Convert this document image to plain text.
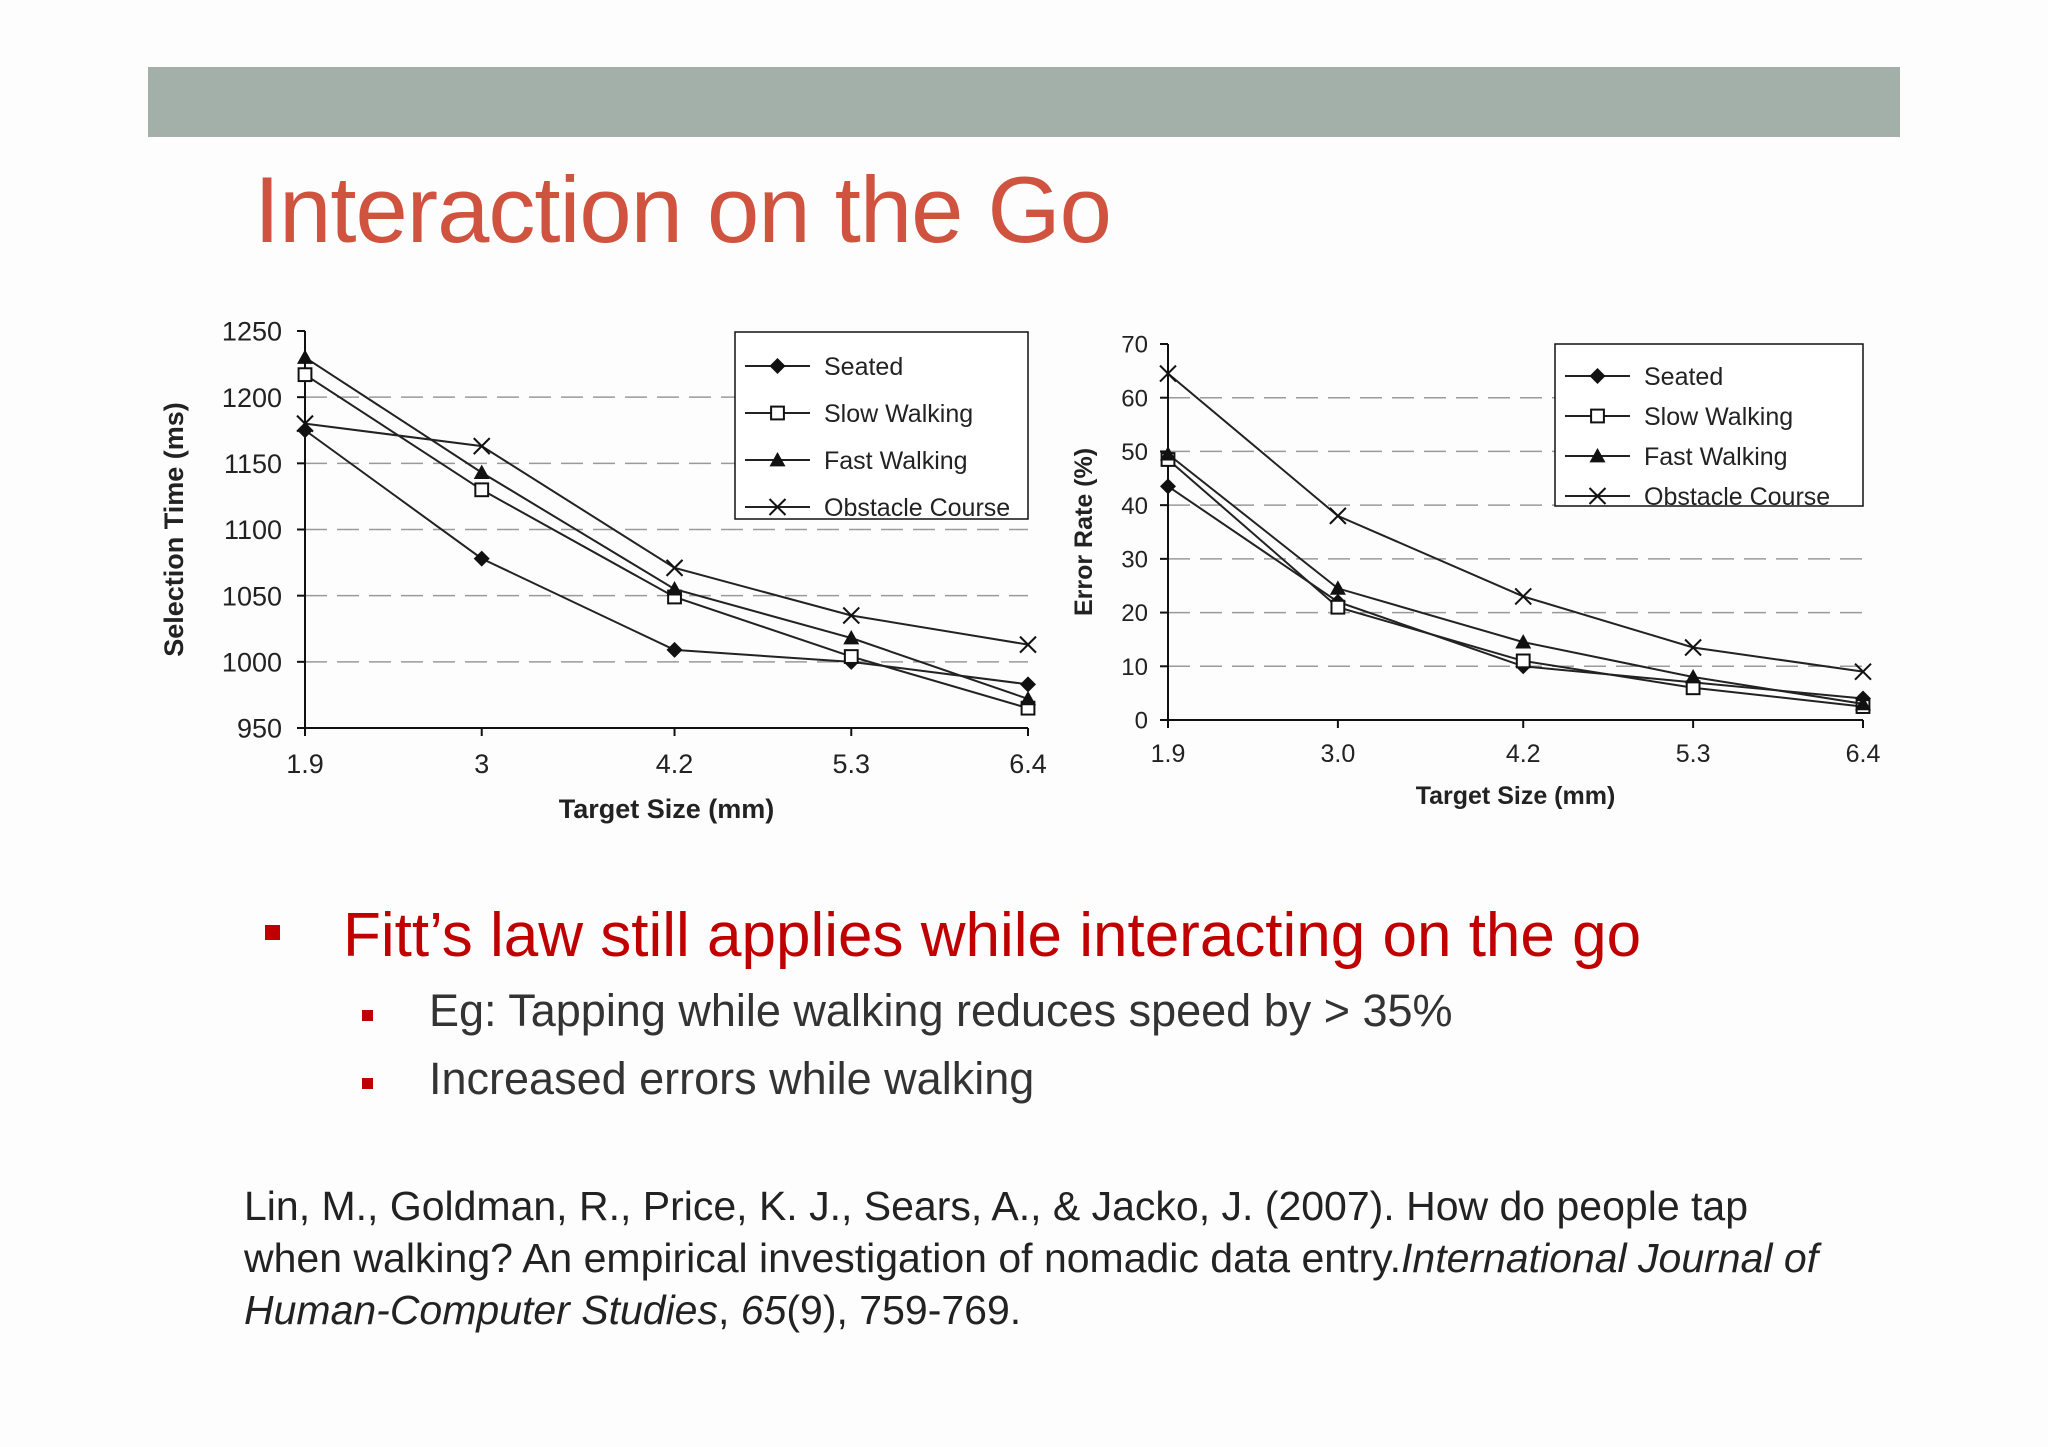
Interaction on the Go
950
1000
1050
1100
1150
1200
1250
1.9	3	4.2	5.3	6.4
Target Size (mm)
Selection Time (ms)
Seated
Slow Walking
Fast Walking
Obstacle Course
0
10
20
30
40
50
60
70
1.9	3.0	4.2	5.3	6.4
Target Size (mm)
Error Rate (%)
Seated
Slow Walking
Fast Walking
Obstacle Course
Fitt’s law still applies while interacting on the go
Eg: Tapping while walking reduces speed by > 35%
Increased errors while walking
Lin, M., Goldman, R., Price, K. J., Sears, A., & Jacko, J. (2007). How do people tap when walking? An empirical investigation of nomadic data entry.International Journal of Human-Computer Studies, 65(9), 759-769.
